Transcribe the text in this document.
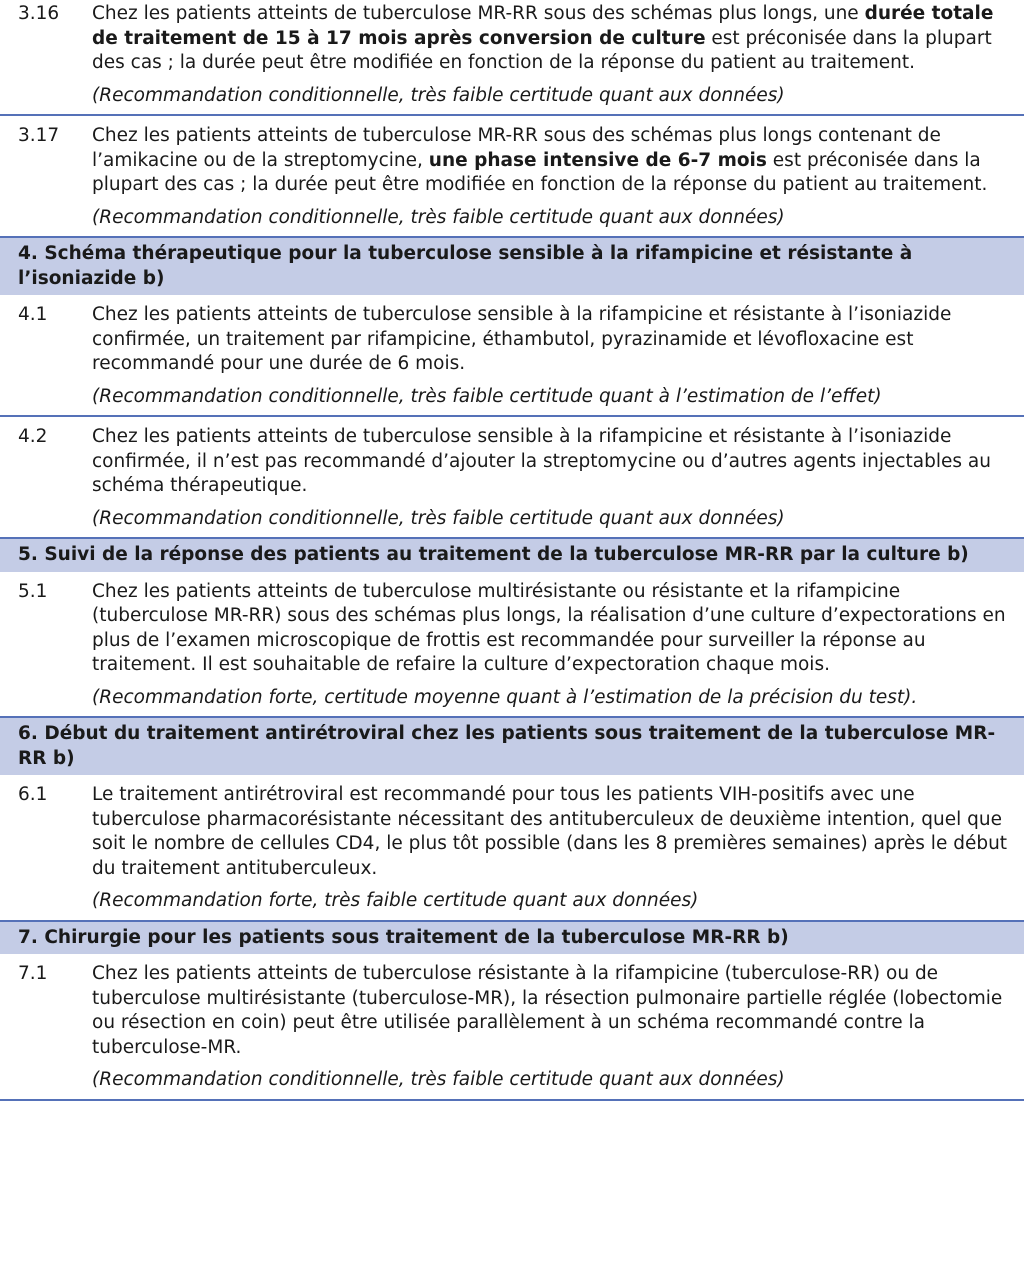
3.16 Chez les patients atteints de tuberculose MR-RR sous des schémas plus longs, une durée totale de traitement de 15 à 17 mois après conversion de culture est préconisée dans la plupart des cas ; la durée peut être modifiée en fonction de la réponse du patient au traitement.
(Recommandation conditionnelle, très faible certitude quant aux données)
3.17 Chez les patients atteints de tuberculose MR-RR sous des schémas plus longs contenant de l’amikacine ou de la streptomycine, une phase intensive de 6-7 mois est préconisée dans la plupart des cas ; la durée peut être modifiée en fonction de la réponse du patient au traitement.
(Recommandation conditionnelle, très faible certitude quant aux données)
4. Schéma thérapeutique pour la tuberculose sensible à la rifampicine et résistante à l’isoniazide b)
4.1 Chez les patients atteints de tuberculose sensible à la rifampicine et résistante à l’isoniazide confirmée, un traitement par rifampicine, éthambutol, pyrazinamide et lévofloxacine est recommandé pour une durée de 6 mois.
(Recommandation conditionnelle, très faible certitude quant à l’estimation de l’effet)
4.2 Chez les patients atteints de tuberculose sensible à la rifampicine et résistante à l’isoniazide confirmée, il n’est pas recommandé d’ajouter la streptomycine ou d’autres agents injectables au schéma thérapeutique.
(Recommandation conditionnelle, très faible certitude quant aux données)
5. Suivi de la réponse des patients au traitement de la tuberculose MR-RR par la culture b)
5.1 Chez les patients atteints de tuberculose multirésistante ou résistante et la rifampicine (tuberculose MR-RR) sous des schémas plus longs, la réalisation d’une culture d’expectorations en plus de l’examen microscopique de frottis est recommandée pour surveiller la réponse au traitement. Il est souhaitable de refaire la culture d’expectoration chaque mois.
(Recommandation forte, certitude moyenne quant à l’estimation de la précision du test).
6. Début du traitement antirétroviral chez les patients sous traitement de la tuberculose MR-RR b)
6.1 Le traitement antirétroviral est recommandé pour tous les patients VIH-positifs avec une tuberculose pharmacorésistante nécessitant des antituberculeux de deuxième intention, quel que soit le nombre de cellules CD4, le plus tôt possible (dans les 8 premières semaines) après le début du traitement antituberculeux.
(Recommandation forte, très faible certitude quant aux données)
7. Chirurgie pour les patients sous traitement de la tuberculose MR-RR b)
7.1 Chez les patients atteints de tuberculose résistante à la rifampicine (tuberculose-RR) ou de tuberculose multirésistante (tuberculose-MR), la résection pulmonaire partielle réglée (lobectomie ou résection en coin) peut être utilisée parallèlement à un schéma recommandé contre la tuberculose-MR.
(Recommandation conditionnelle, très faible certitude quant aux données)
